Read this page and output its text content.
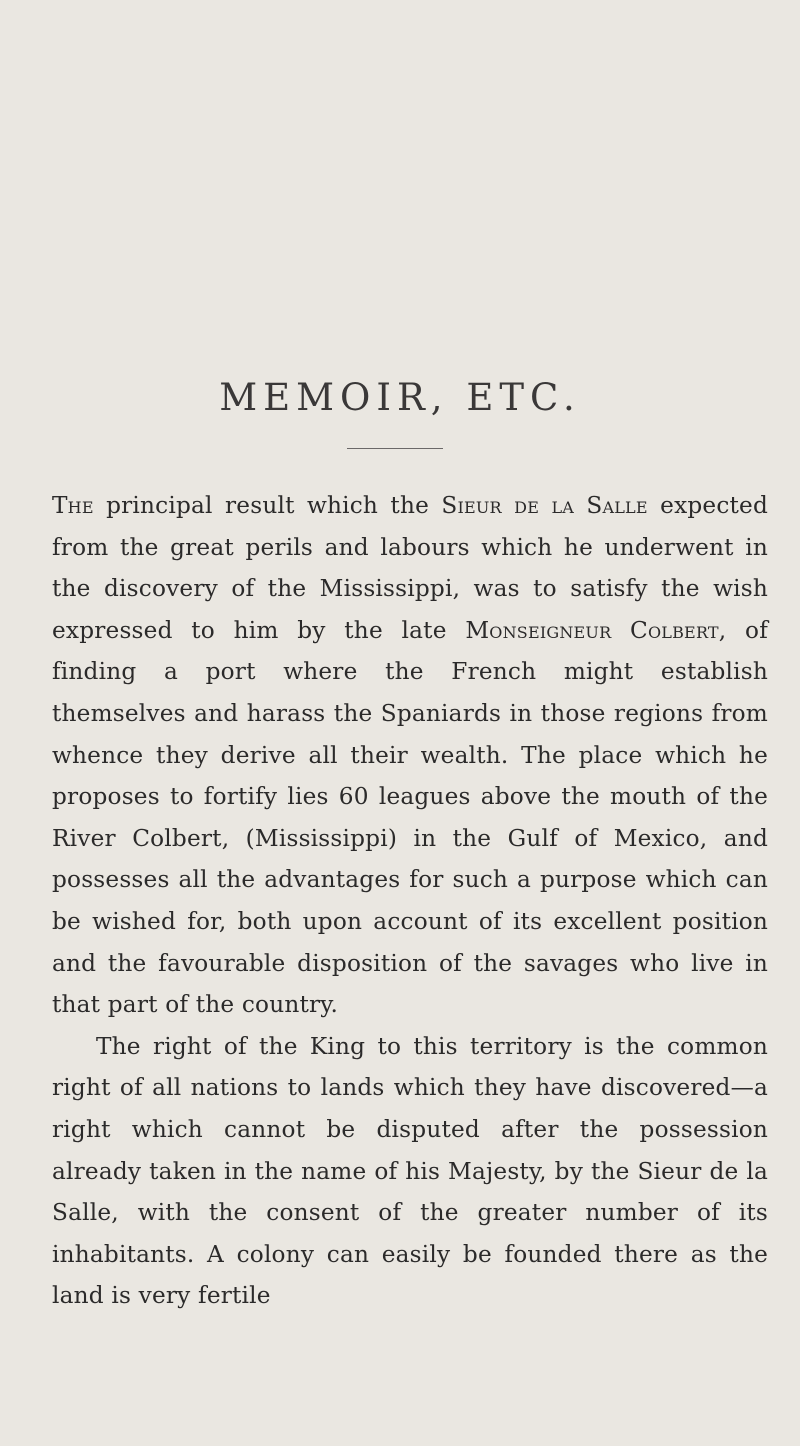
MEMOIR, ETC.

The principal result which the Sieur de la Salle expected from the great perils and labours which he underwent in the discovery of the Mississippi, was to satisfy the wish expressed to him by the late Monseigneur Colbert, of finding a port where the French might establish themselves and harass the Spaniards in those regions from whence they derive all their wealth. The place which he proposes to fortify lies 60 leagues above the mouth of the River Colbert, (Mississippi) in the Gulf of Mexico, and possesses all the advantages for such a purpose which can be wished for, both upon account of its excellent position and the favourable disposition of the savages who live in that part of the country.

The right of the King to this territory is the common right of all nations to lands which they have discovered—a right which cannot be disputed after the possession already taken in the name of his Majesty, by the Sieur de la Salle, with the consent of the greater number of its inhabitants. A colony can easily be founded there as the land is very fertile
